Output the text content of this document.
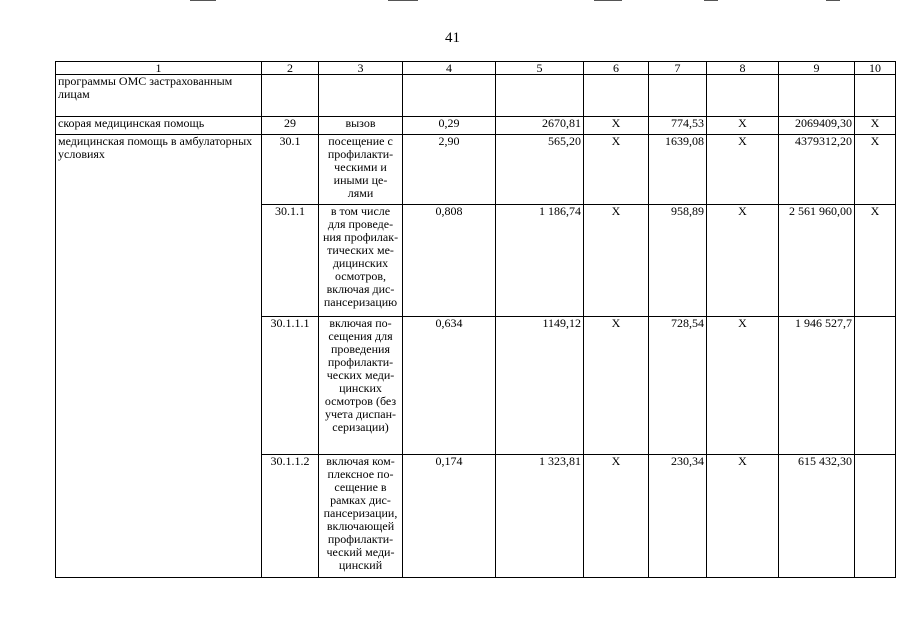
41
1	2	3	4	5	6	7	8	9	10
программы ОМС застрахованным лицам									
скорая медицинская помощь	29	вызов	0,29	2670,81	Х	774,53	Х	2069409,30	Х
медицинская помощь в амбулаторных условиях	30.1	посещение с профилакти-ческими и иными це-лями	2,90	565,20	Х	1639,08	Х	4379312,20	Х
	30.1.1	в том числе для проведе-ния профилак-тических ме-дицинских осмотров, включая дис-пансеризацию	0,808	1 186,74	Х	958,89	Х	2 561 960,00	Х
	30.1.1.1	включая по-сещения для проведения профилакти-ческих меди-цинских осмотров (без учета диспан-серизации)	0,634	1149,12	Х	728,54	Х	1 946 527,7	
	30.1.1.2	включая ком-плексное по-сещение в рамках дис-пансеризации, включающей профилакти-ческий меди-цинский	0,174	1 323,81	Х	230,34	Х	615 432,30	
